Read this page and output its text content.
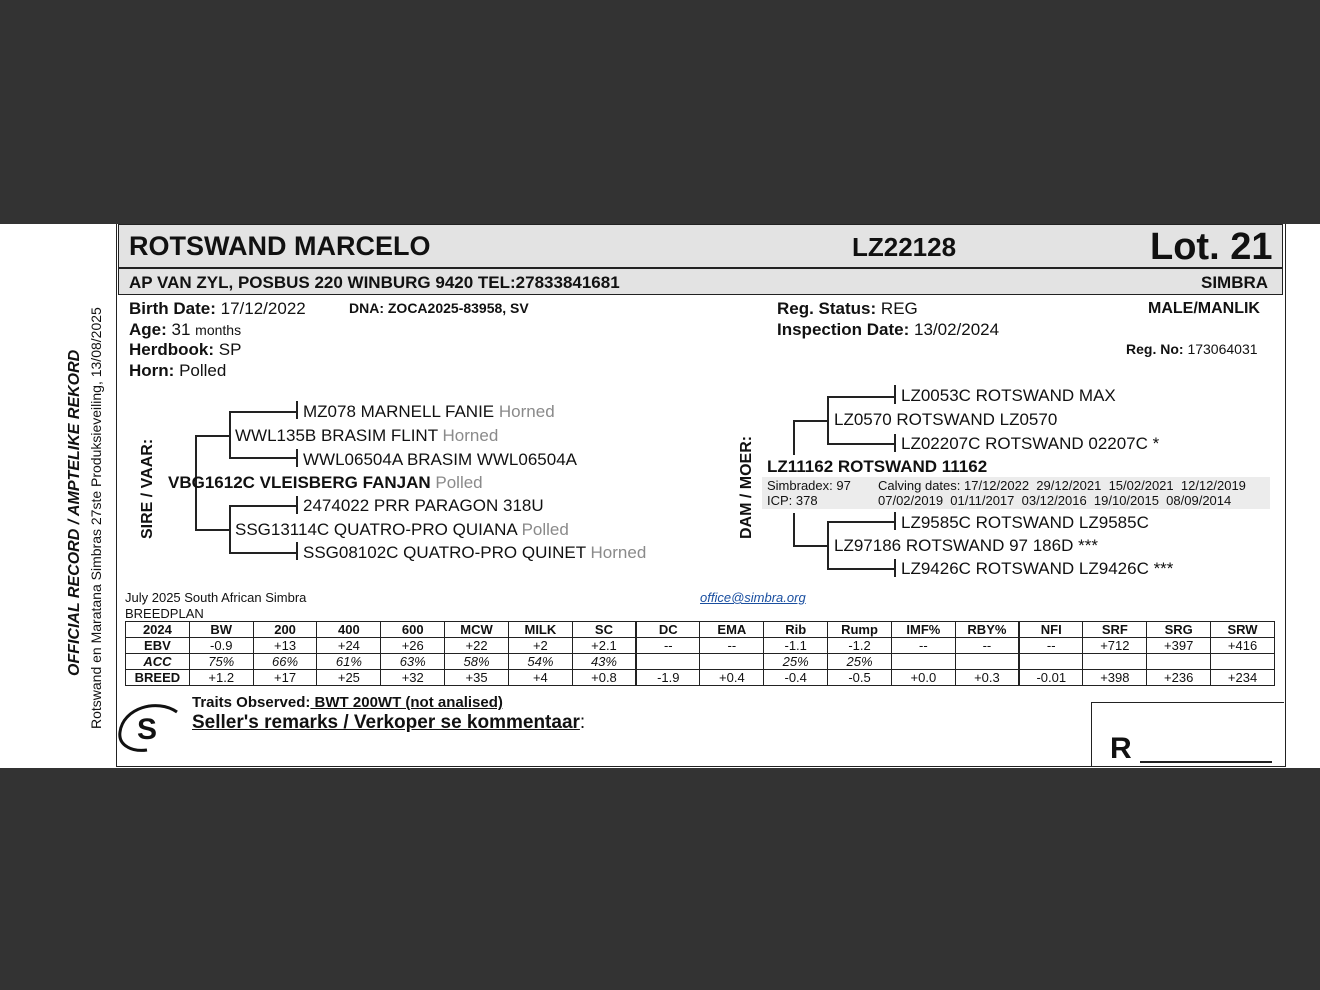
OFFICIAL RECORD / AMPTELIKE REKORD Rotswand en Maratana Simbras 27ste Produksieveiling, 13/08/2025
ROTSWAND MARCELO	LZ22128	Lot. 21
AP VAN ZYL, POSBUS 220 WINBURG 9420 TEL:27833841681	SIMBRA
Birth Date: 17/12/2022	DNA: ZOCA2025-83958, SV
Age: 31 months
Herdbook: SP
Horn: Polled
Reg. Status: REG
Inspection Date: 13/02/2024
MALE/MANLIK
Reg. No: 173064031
SIRE / VAAR:
MZ078 MARNELL FANIE Horned
WWL135B BRASIM FLINT Horned
WWL06504A BRASIM WWL06504A
VBG1612C VLEISBERG FANJAN Polled
2474022 PRR PARAGON 318U
SSG13114C QUATRO-PRO QUIANA Polled
SSG08102C QUATRO-PRO QUINET Horned
DAM / MOER:
LZ0053C ROTSWAND MAX
LZ0570 ROTSWAND LZ0570
LZ02207C ROTSWAND 02207C *
LZ11162 ROTSWAND 11162
Simbradex: 97
ICP: 378
Calving dates: 17/12/2022  29/12/2021  15/02/2021  12/12/2019
07/02/2019  01/11/2017  03/12/2016  19/10/2015  08/09/2014
LZ9585C ROTSWAND LZ9585C
LZ97186 ROTSWAND 97 186D ***
LZ9426C ROTSWAND LZ9426C ***
July 2025 South African Simbra
BREEDPLAN
office@simbra.org
2024	BW	200	400	600	MCW	MILK	SC	DC	EMA	Rib	Rump	IMF%	RBY%	NFI	SRF	SRG	SRW
EBV	-0.9	+13	+24	+26	+22	+2	+2.1	--	--	-1.1	-1.2	--	--	--	+712	+397	+416
ACC	75%	66%	61%	63%	58%	54%	43%			25%	25%						
BREED	+1.2	+17	+25	+32	+35	+4	+0.8	-1.9	+0.4	-0.4	-0.5	+0.0	+0.3	-0.01	+398	+236	+234
S
Traits Observed: BWT 200WT (not analised)
Seller's remarks / Verkoper se kommentaar:
R
